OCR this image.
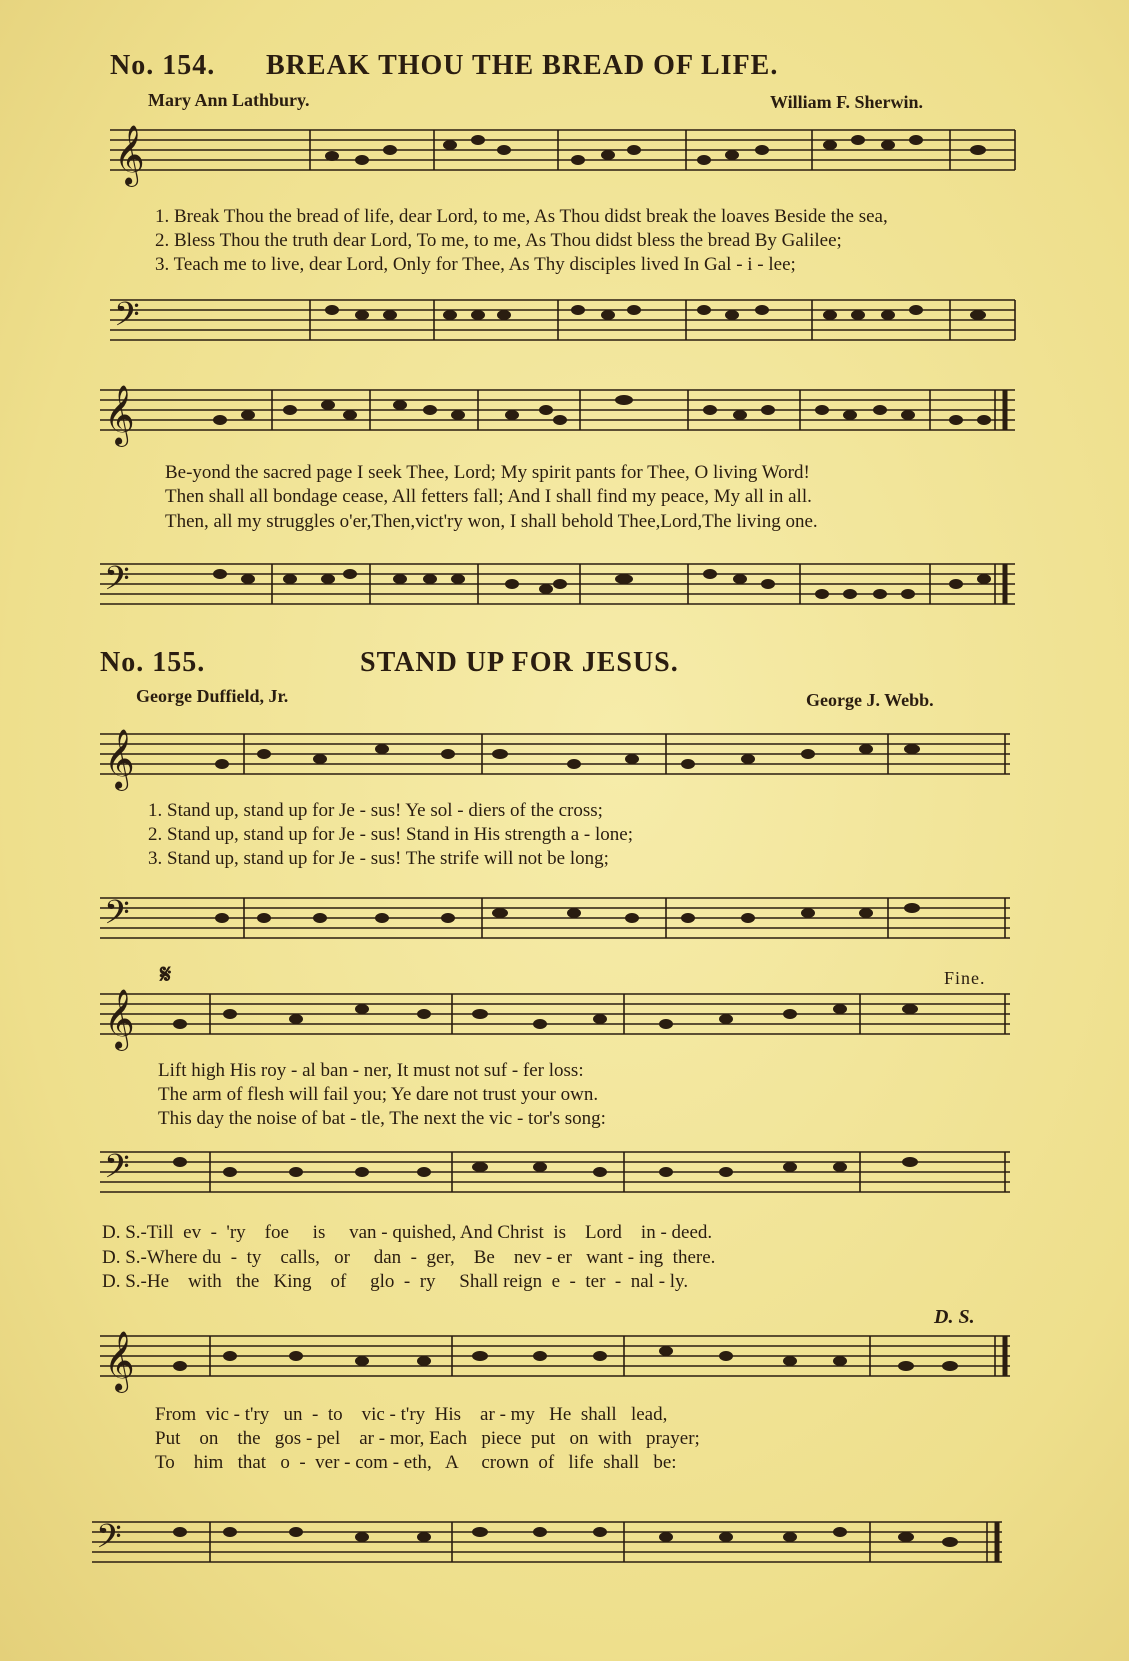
No. 154. BREAK THOU THE BREAD OF LIFE.
Mary Ann Lathbury.	William F. Sherwin.
𝄞
1. Break Thou the bread of life, dear Lord, to me, As Thou didst break the loaves Beside the sea,
2. Bless Thou the truth dear Lord, To me, to me, As Thou didst bless the bread By Galilee;
3. Teach me to live, dear Lord, Only for Thee, As Thy disciples lived In Gal - i - lee;
𝄢
𝄞
Be-yond the sacred page I seek Thee, Lord; My spirit pants for Thee, O living Word!
Then shall all bondage cease, All fetters fall; And I shall find my peace, My all in all.
Then, all my struggles o'er,Then,vict'ry won, I shall behold Thee,Lord,The living one.
𝄢
No. 155.	STAND UP FOR JESUS.
George Duffield, Jr.	George J. Webb.
𝄞
1. Stand up, stand up for Je - sus! Ye sol - diers of the cross;
2. Stand up, stand up for Je - sus! Stand in His strength a - lone;
3. Stand up, stand up for Je - sus! The strife will not be long;
𝄢
𝄋	Fine.
𝄞
Lift high His roy - al ban - ner, It must not suf - fer loss:
The arm of flesh will fail you; Ye dare not trust your own.
This day the noise of bat - tle, The next the vic - tor's song:
𝄢
D. S.-Till  ev  -  'ry    foe     is     van - quished, And Christ  is    Lord    in - deed.
D. S.-Where du  -  ty    calls,   or     dan  -  ger,    Be    nev - er   want - ing  there.
D. S.-He    with   the   King    of     glo  -  ry     Shall reign  e  -  ter  -  nal - ly.
D. S.
𝄞
From  vic - t'ry   un  -  to    vic - t'ry  His    ar - my   He  shall   lead,
Put    on    the   gos - pel    ar - mor, Each   piece  put   on  with   prayer;
To    him   that   o  -  ver - com - eth,   A     crown  of   life  shall   be:
𝄢
